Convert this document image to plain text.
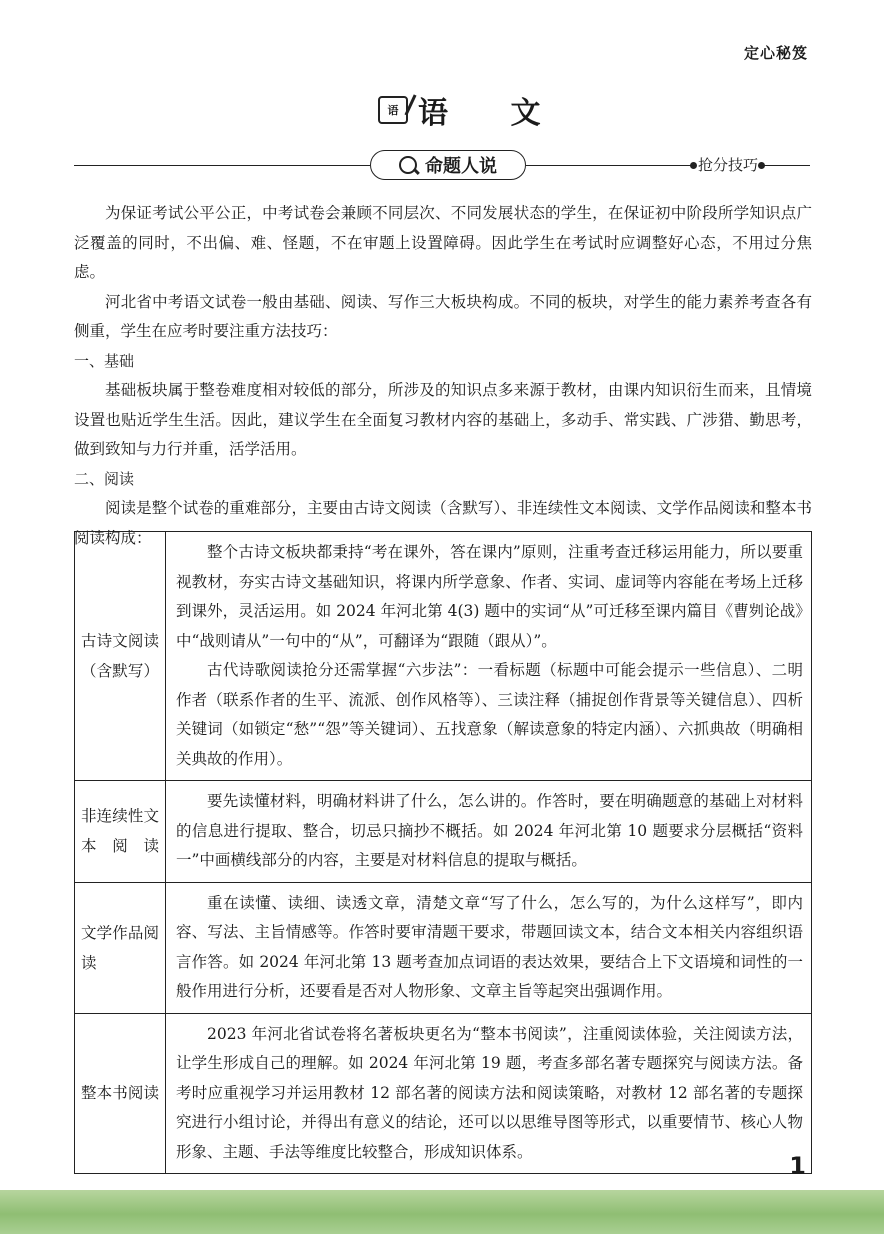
定心秘笈
语 语 文
命题人说	抢分技巧

为保证考试公平公正，中考试卷会兼顾不同层次、不同发展状态的学生，在保证初中阶段所学知识点广泛覆盖的同时，不出偏、难、怪题，不在审题上设置障碍。因此学生在考试时应调整好心态，不用过分焦虑。

河北省中考语文试卷一般由基础、阅读、写作三大板块构成。不同的板块，对学生的能力素养考查各有侧重，学生在应考时要注重方法技巧：

一、基础

基础板块属于整卷难度相对较低的部分，所涉及的知识点多来源于教材，由课内知识衍生而来，且情境设置也贴近学生生活。因此，建议学生在全面复习教材内容的基础上，多动手、常实践、广涉猎、勤思考，做到致知与力行并重，活学活用。

二、阅读

阅读是整个试卷的重难部分，主要由古诗文阅读（含默写）、非连续性文本阅读、文学作品阅读和整本书阅读构成：

古诗文阅读（含默写）	整个古诗文板块都秉持“考在课外，答在课内”原则，注重考查迁移运用能力，所以要重视教材，夯实古诗文基础知识，将课内所学意象、作者、实词、虚词等内容能在考场上迁移到课外，灵活运用。如 2024 年河北第 4(3) 题中的实词“从”可迁移至课内篇目《曹刿论战》中“战则请从”一句中的“从”，可翻译为“跟随（跟从）”。

古代诗歌阅读抢分还需掌握“六步法”：一看标题（标题中可能会提示一些信息）、二明作者（联系作者的生平、流派、创作风格等）、三读注释（捕捉创作背景等关键信息）、四析关键词（如锁定“愁”“怨”等关键词）、五找意象（解读意象的特定内涵）、六抓典故（明确相关典故的作用）。

非连续性文本阅读	要先读懂材料，明确材料讲了什么，怎么讲的。作答时，要在明确题意的基础上对材料的信息进行提取、整合，切忌只摘抄不概括。如 2024 年河北第 10 题要求分层概括“资料一”中画横线部分的内容，主要是对材料信息的提取与概括。

文学作品阅读	重在读懂、读细、读透文章，清楚文章“写了什么，怎么写的，为什么这样写”，即内容、写法、主旨情感等。作答时要审清题干要求，带题回读文本，结合文本相关内容组织语言作答。如 2024 年河北第 13 题考查加点词语的表达效果，要结合上下文语境和词性的一般作用进行分析，还要看是否对人物形象、文章主旨等起突出强调作用。

整本书阅读	2023 年河北省试卷将名著板块更名为“整本书阅读”，注重阅读体验，关注阅读方法，让学生形成自己的理解。如 2024 年河北第 19 题，考查多部名著专题探究与阅读方法。备考时应重视学习并运用教材 12 部名著的阅读方法和阅读策略，对教材 12 部名著的专题探究进行小组讨论，并得出有意义的结论，还可以以思维导图等形式，以重要情节、核心人物形象、主题、手法等维度比较整合，形成知识体系。

1
